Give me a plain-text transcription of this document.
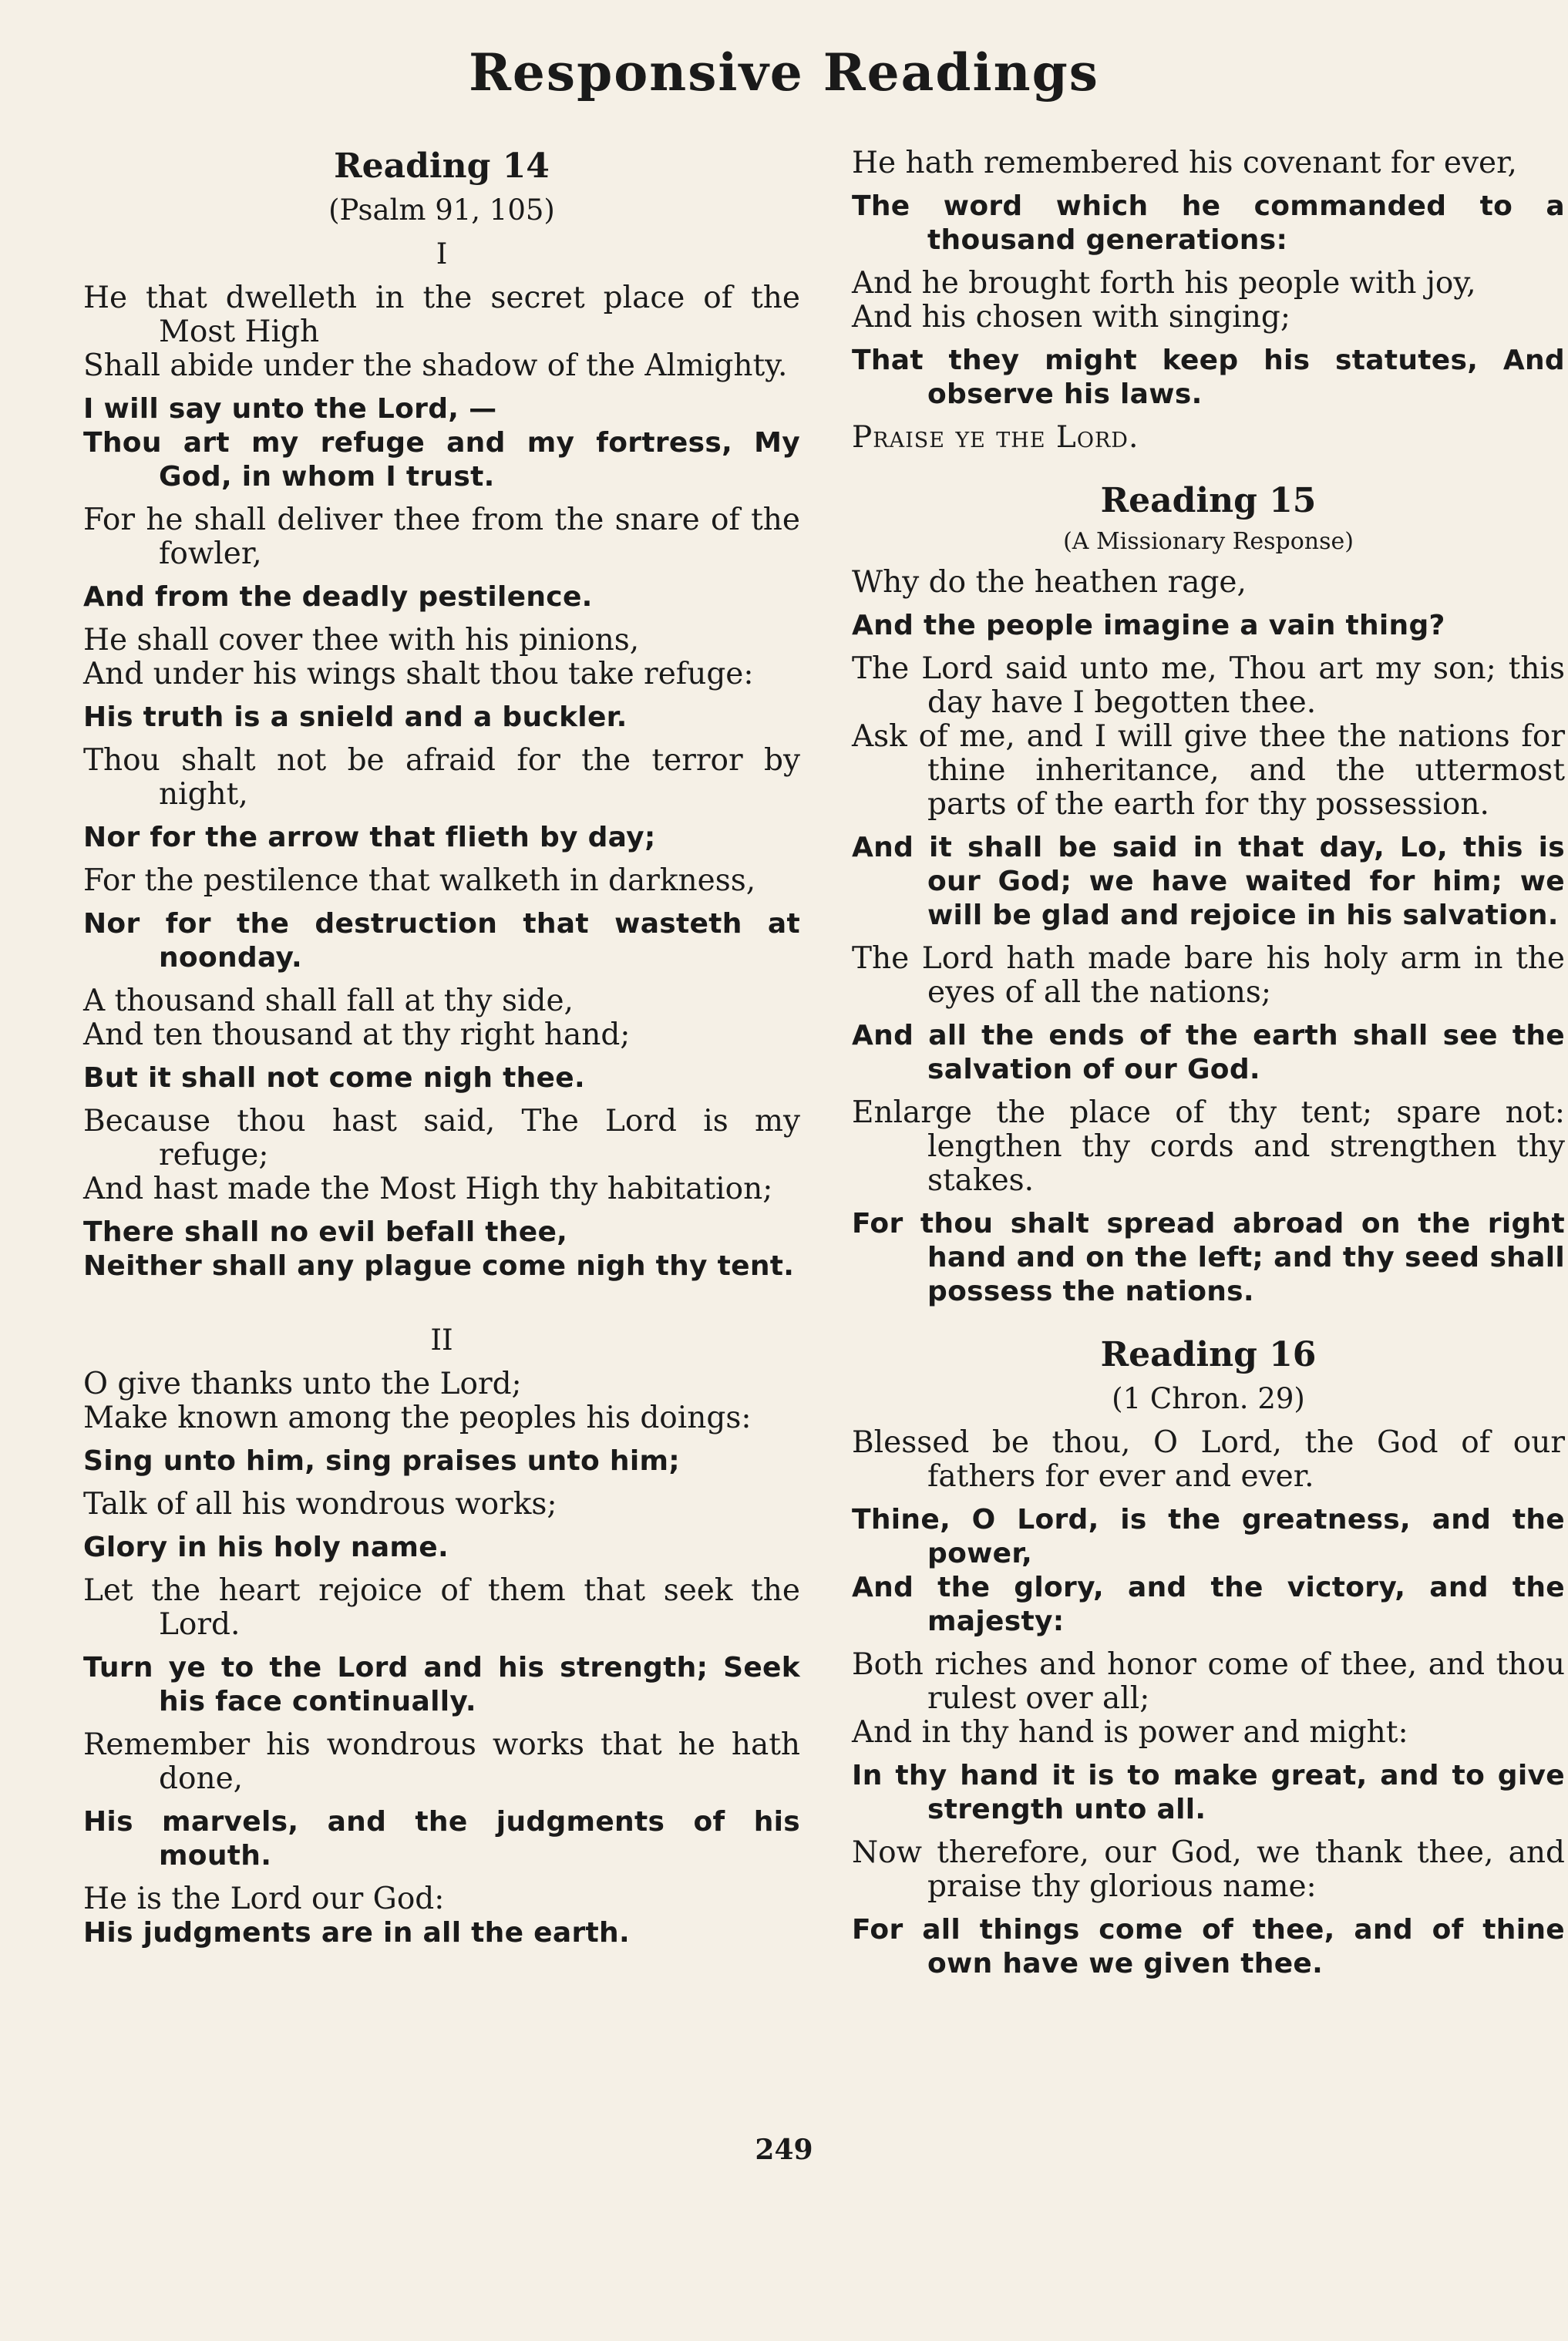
Responsive Readings
Reading 14
(Psalm 91, 105)
I

He that dwelleth in the secret place of the Most High

Shall abide under the shadow of the Almighty.

I will say unto the Lord, —

Thou art my refuge and my fortress, My God, in whom I trust.

For he shall deliver thee from the snare of the fowler,

And from the deadly pestilence.

He shall cover thee with his pinions,

And under his wings shalt thou take refuge:

His truth is a snield and a buckler.

Thou shalt not be afraid for the terror by night,

Nor for the arrow that flieth by day;

For the pestilence that walketh in darkness,

Nor for the destruction that wasteth at noonday.

A thousand shall fall at thy side,

And ten thousand at thy right hand;

But it shall not come nigh thee.

Because thou hast said, The Lord is my refuge;

And hast made the Most High thy habitation;

There shall no evil befall thee,

Neither shall any plague come nigh thy tent.

II

O give thanks unto the Lord;

Make known among the peoples his doings:

Sing unto him, sing praises unto him;

Talk of all his wondrous works;

Glory in his holy name.

Let the heart rejoice of them that seek the Lord.

Turn ye to the Lord and his strength; Seek his face continually.

Remember his wondrous works that he hath done,

His marvels, and the judgments of his mouth.

He is the Lord our God:

His judgments are in all the earth.

He hath remembered his covenant for ever,

The word which he commanded to a thousand generations:

And he brought forth his people with joy,

And his chosen with singing;

That they might keep his statutes, And observe his laws.

Praise ye the Lord.

Reading 15
(A Missionary Response)

Why do the heathen rage,

And the people imagine a vain thing?

The Lord said unto me, Thou art my son; this day have I begotten thee.

Ask of me, and I will give thee the nations for thine inheritance, and the uttermost parts of the earth for thy possession.

And it shall be said in that day, Lo, this is our God; we have waited for him; we will be glad and rejoice in his salvation.

The Lord hath made bare his holy arm in the eyes of all the nations;

And all the ends of the earth shall see the salvation of our God.

Enlarge the place of thy tent; spare not: lengthen thy cords and strengthen thy stakes.

For thou shalt spread abroad on the right hand and on the left; and thy seed shall possess the nations.

Reading 16
(1 Chron. 29)

Blessed be thou, O Lord, the God of our fathers for ever and ever.

Thine, O Lord, is the greatness, and the power,

And the glory, and the victory, and the majesty:

Both riches and honor come of thee, and thou rulest over all;

And in thy hand is power and might:

In thy hand it is to make great, and to give strength unto all.

Now therefore, our God, we thank thee, and praise thy glorious name:

For all things come of thee, and of thine own have we given thee.

249
